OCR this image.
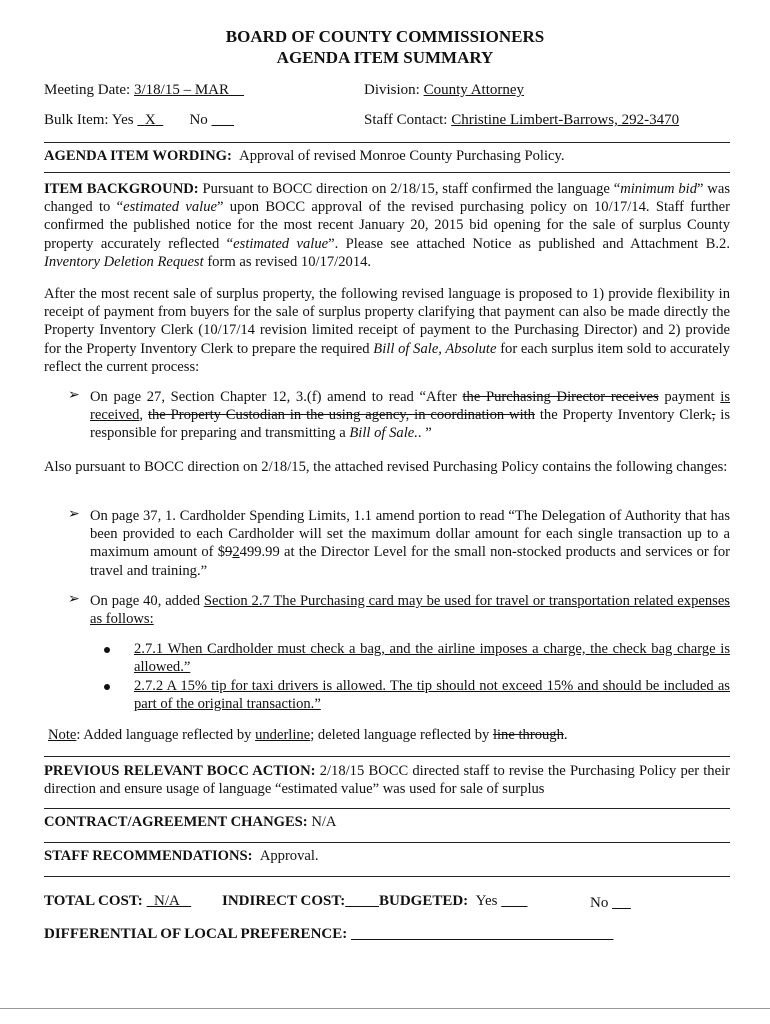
BOARD OF COUNTY COMMISSIONERS
AGENDA ITEM SUMMARY
Meeting Date: 3/18/15 – MAR	Division: County Attorney
Bulk Item: Yes X No	Staff Contact: Christine Limbert-Barrows, 292-3470
AGENDA ITEM WORDING: Approval of revised Monroe County Purchasing Policy.
ITEM BACKGROUND: Pursuant to BOCC direction on 2/18/15, staff confirmed the language “minimum bid” was changed to “estimated value” upon BOCC approval of the revised purchasing policy on 10/17/14. Staff further confirmed the published notice for the most recent January 20, 2015 bid opening for the sale of surplus County property accurately reflected “estimated value”. Please see attached Notice as published and Attachment B.2. Inventory Deletion Request form as revised 10/17/2014.
After the most recent sale of surplus property, the following revised language is proposed to 1) provide flexibility in receipt of payment from buyers for the sale of surplus property clarifying that payment can also be made directly the Property Inventory Clerk (10/17/14 revision limited receipt of payment to the Purchasing Director) and 2) provide for the Property Inventory Clerk to prepare the required Bill of Sale, Absolute for each surplus item sold to accurately reflect the current process:
➢ On page 27, Section Chapter 12, 3.(f) amend to read “After the Purchasing Director receives payment is received, the Property Custodian in the using agency, in coordination with the Property Inventory Clerk, is responsible for preparing and transmitting a Bill of Sale.. ”
Also pursuant to BOCC direction on 2/18/15, the attached revised Purchasing Policy contains the following changes:
➢ On page 37, 1. Cardholder Spending Limits, 1.1 amend portion to read “The Delegation of Authority that has been provided to each Cardholder will set the maximum dollar amount for each single transaction up to a maximum amount of $92499.99 at the Director Level for the small non-stocked products and services or for travel and training.”
➢ On page 40, added Section 2.7 The Purchasing card may be used for travel or transportation related expenses as follows:
2.7.1 When Cardholder must check a bag, and the airline imposes a charge, the check bag charge is allowed.”
2.7.2 A 15% tip for taxi drivers is allowed. The tip should not exceed 15% and should be included as part of the original transaction.”
Note: Added language reflected by underline; deleted language reflected by line through.
PREVIOUS RELEVANT BOCC ACTION: 2/18/15 BOCC directed staff to revise the Purchasing Policy per their direction and ensure usage of language “estimated value” was used for sale of surplus
CONTRACT/AGREEMENT CHANGES: N/A
STAFF RECOMMENDATIONS: Approval.
TOTAL COST: N/A	INDIRECT COST: BUDGETED: Yes	No
DIFFERENTIAL OF LOCAL PREFERENCE:
